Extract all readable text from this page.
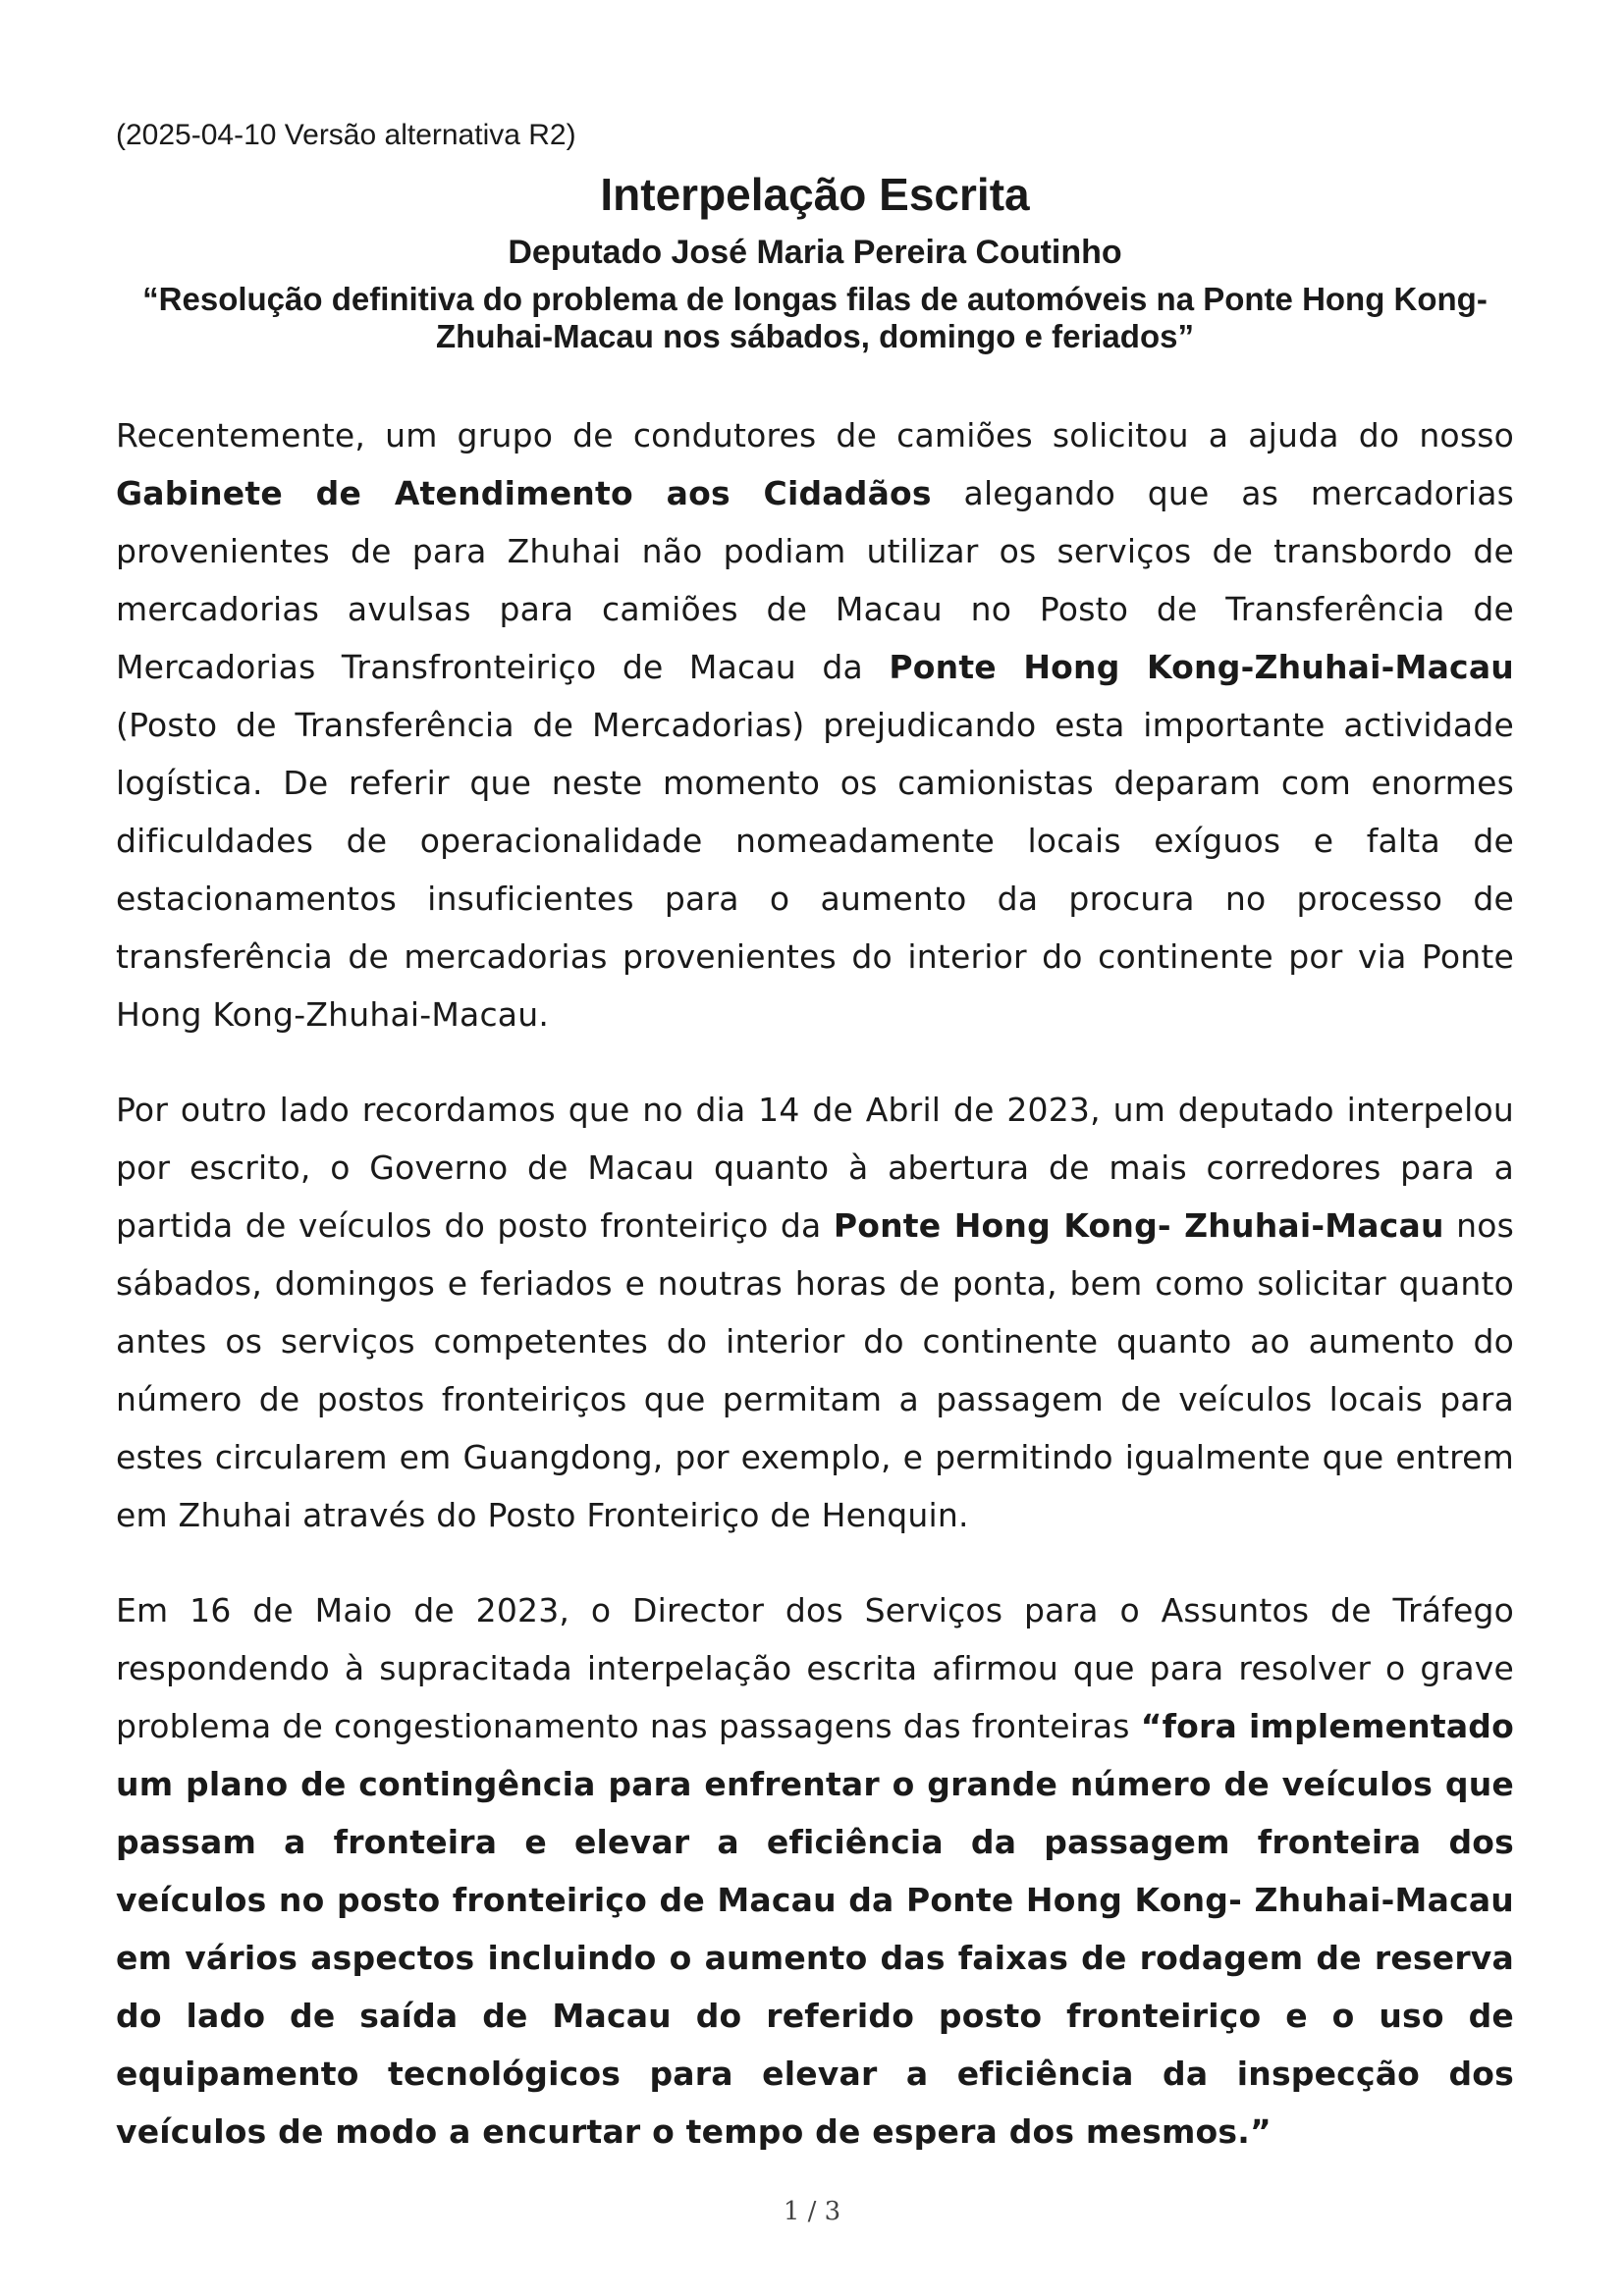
(2025-04-10 Versão alternativa R2)
Interpelação Escrita
Deputado José Maria Pereira Coutinho
“Resolução definitiva do problema de longas filas de automóveis na Ponte Hong Kong-Zhuhai-Macau nos sábados, domingo e feriados”

Recentemente, um grupo de condutores de camiões solicitou a ajuda do nosso Gabinete de Atendimento aos Cidadãos alegando que as mercadorias provenientes de para Zhuhai não podiam utilizar os serviços de transbordo de mercadorias avulsas para camiões de Macau no Posto de Transferência de Mercadorias Transfronteiriço de Macau da Ponte Hong Kong-Zhuhai-Macau (Posto de Transferência de Mercadorias) prejudicando esta importante actividade logística. De referir que neste momento os camionistas deparam com enormes dificuldades de operacionalidade nomeadamente locais exíguos e falta de estacionamentos insuficientes para o aumento da procura no processo de transferência de mercadorias provenientes do interior do continente por via Ponte Hong Kong-Zhuhai-Macau.

Por outro lado recordamos que no dia 14 de Abril de 2023, um deputado interpelou por escrito, o Governo de Macau quanto à abertura de mais corredores para a partida de veículos do posto fronteiriço da Ponte Hong Kong- Zhuhai-Macau nos sábados, domingos e feriados e noutras horas de ponta, bem como solicitar quanto antes os serviços competentes do interior do continente quanto ao aumento do número de postos fronteiriços que permitam a passagem de veículos locais para estes circularem em Guangdong, por exemplo, e permitindo igualmente que entrem em Zhuhai através do Posto Fronteiriço de Henquin.

Em 16 de Maio de 2023, o Director dos Serviços para o Assuntos de Tráfego respondendo à supracitada interpelação escrita afirmou que para resolver o grave problema de congestionamento nas passagens das fronteiras “fora implementado um plano de contingência para enfrentar o grande número de veículos que passam a fronteira e elevar a eficiência da passagem fronteira dos veículos no posto fronteiriço de Macau da Ponte Hong Kong- Zhuhai-Macau em vários aspectos incluindo o aumento das faixas de rodagem de reserva do lado de saída de Macau do referido posto fronteiriço e o uso de equipamento tecnológicos para elevar a eficiência da inspecção dos veículos de modo a encurtar o tempo de espera dos mesmos.”

1 / 3
